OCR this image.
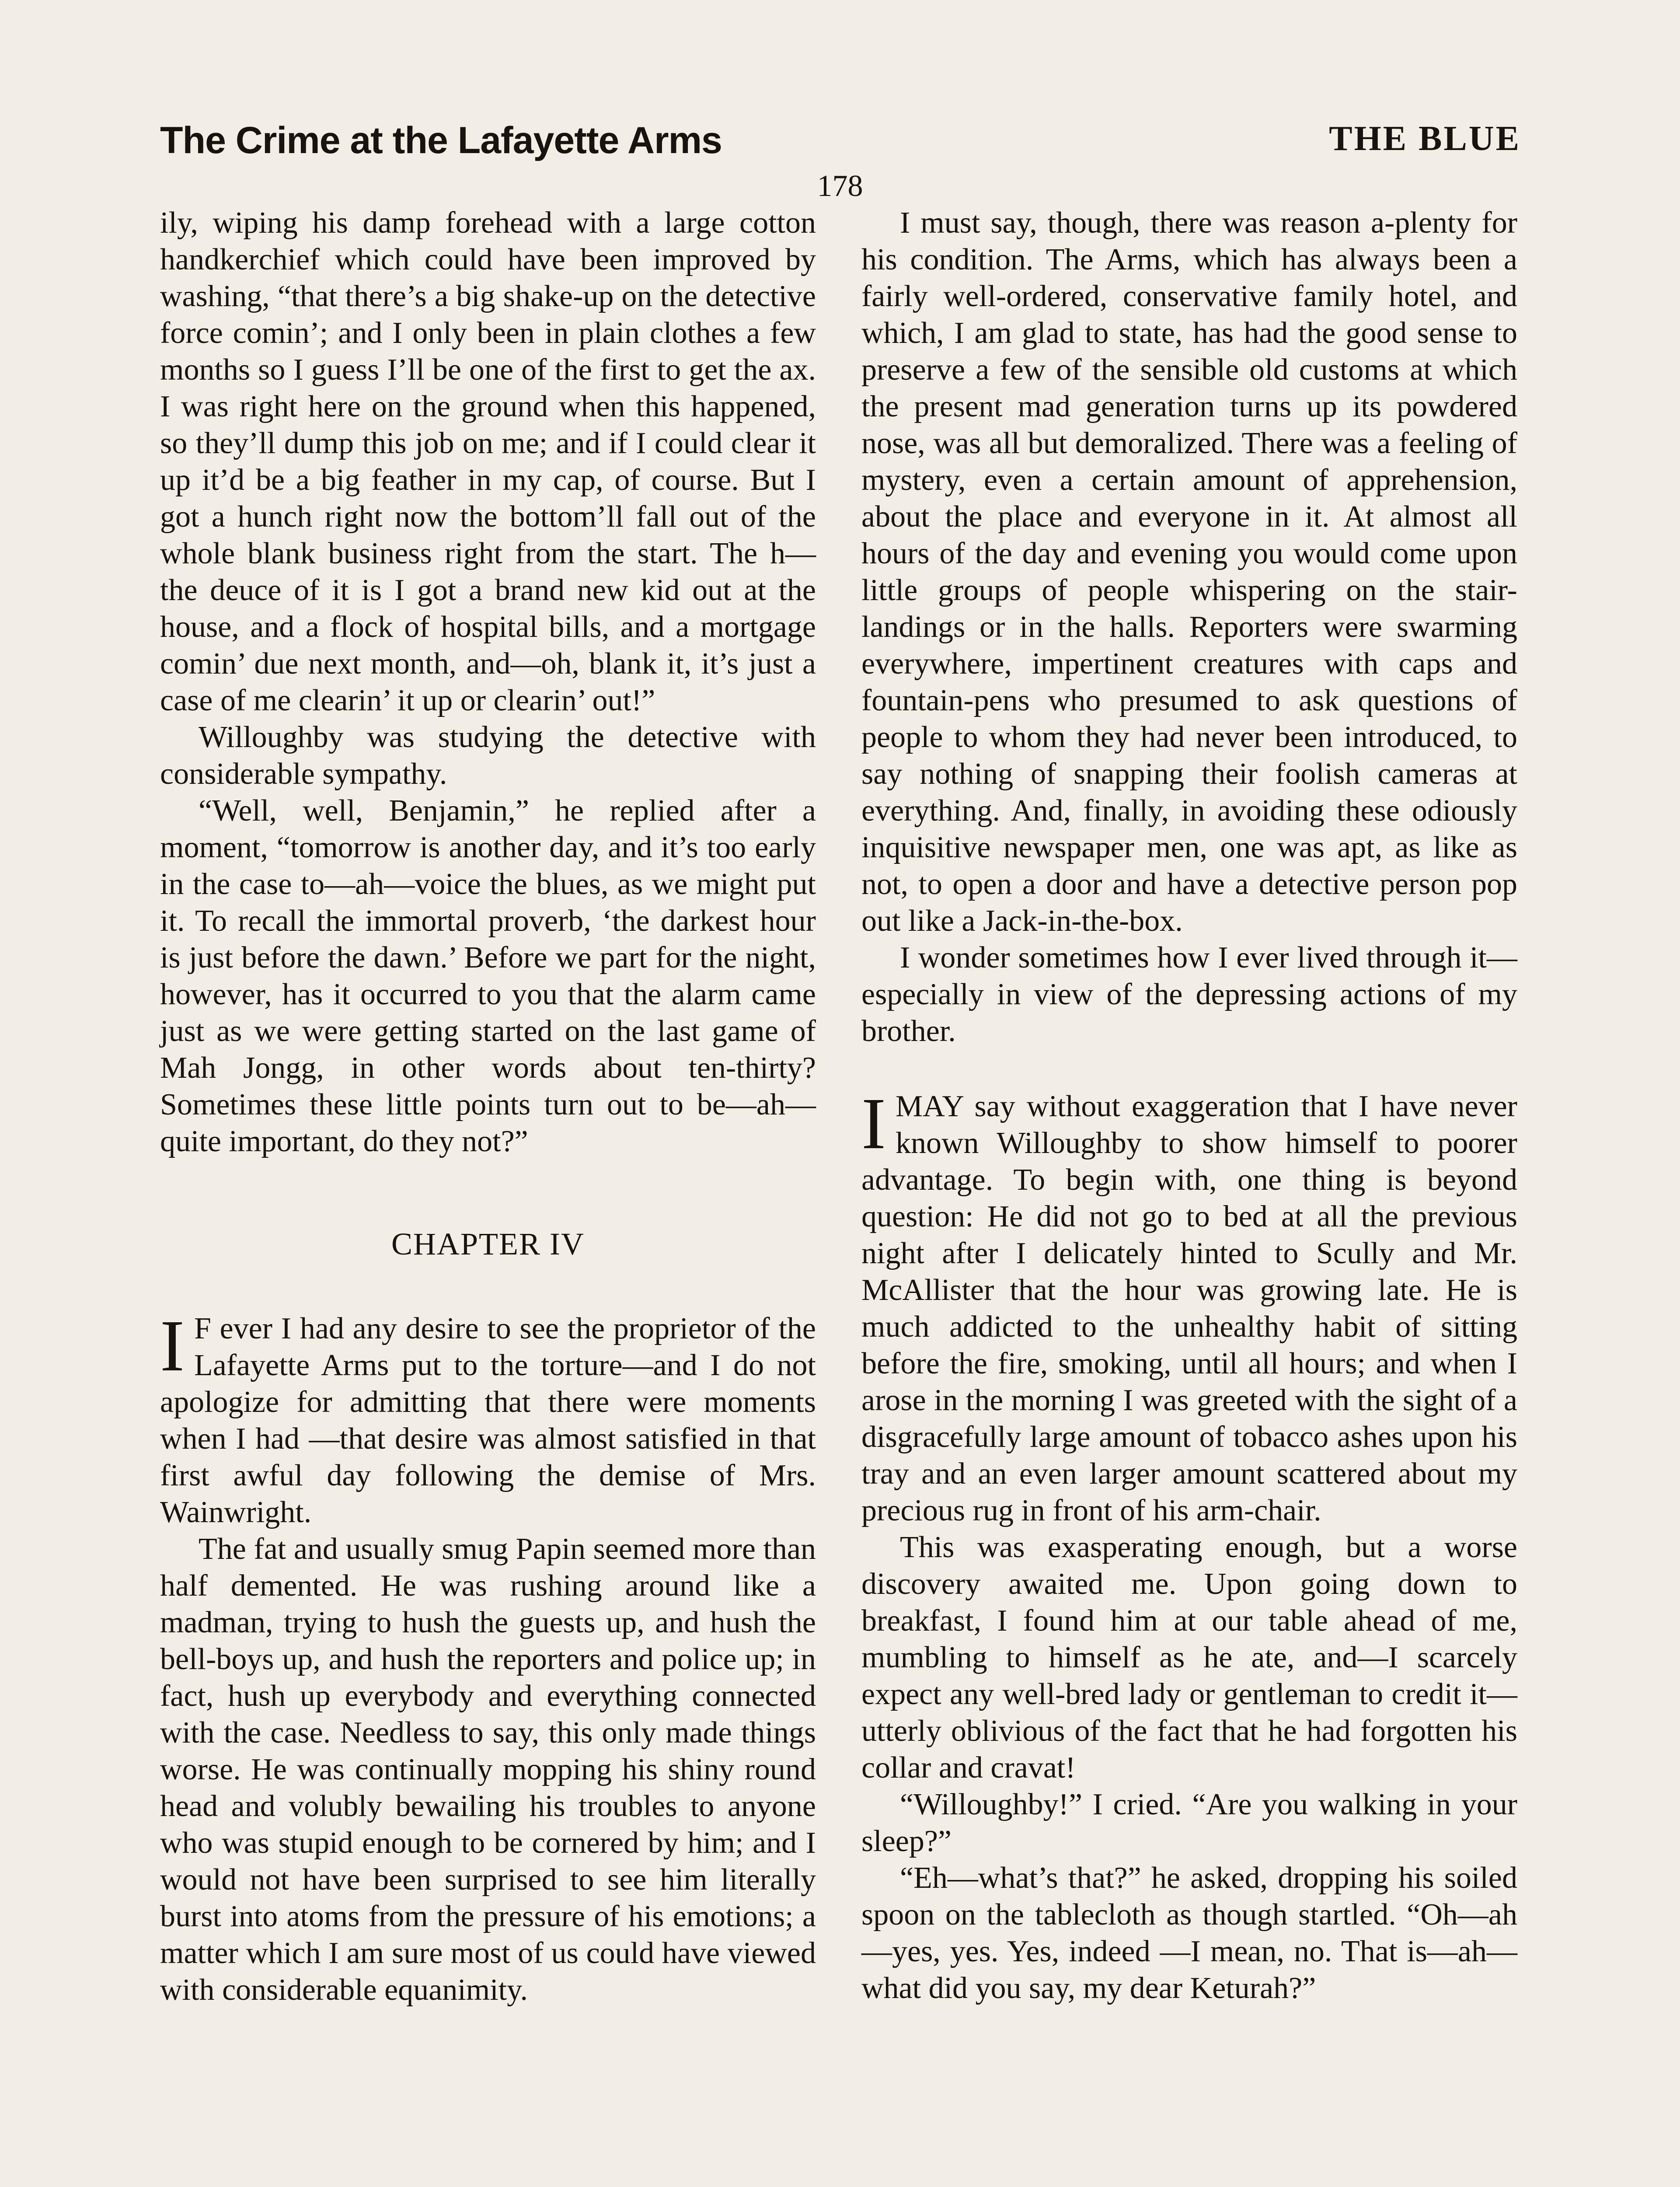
The Crime at the Lafayette Arms	THE BLUE
178

ily, wiping his damp forehead with a large cotton handkerchief which could have been improved by washing, “that there’s a big shake-up on the detective force comin’; and I only been in plain clothes a few months so I guess I’ll be one of the first to get the ax. I was right here on the ground when this happened, so they’ll dump this job on me; and if I could clear it up it’d be a big feather in my cap, of course. But I got a hunch right now the bottom’ll fall out of the whole blank business right from the start. The h— the deuce of it is I got a brand new kid out at the house, and a flock of hospital bills, and a mortgage comin’ due next month, and—oh, blank it, it’s just a case of me clearin’ it up or clearin’ out!”

Willoughby was studying the detective with considerable sympathy.

“Well, well, Benjamin,” he replied after a moment, “tomorrow is another day, and it’s too early in the case to—ah—voice the blues, as we might put it. To recall the immortal proverb, ‘the darkest hour is just before the dawn.’ Before we part for the night, however, has it occurred to you that the alarm came just as we were getting started on the last game of Mah Jongg, in other words about ten-thirty? Sometimes these little points turn out to be—ah—quite important, do they not?”

CHAPTER IV
I F ever I had any desire to see the proprietor of the Lafayette Arms put to the torture—and I do not apologize for admitting that there were moments when I had —that desire was almost satisfied in that first awful day following the demise of Mrs. Wainwright.

The fat and usually smug Papin seemed more than half demented. He was rushing around like a madman, trying to hush the guests up, and hush the bell-boys up, and hush the reporters and police up; in fact, hush up everybody and everything connected with the case. Needless to say, this only made things worse. He was continually mopping his shiny round head and volubly bewailing his troubles to anyone who was stupid enough to be cornered by him; and I would not have been surprised to see him literally burst into atoms from the pressure of his emotions; a matter which I am sure most of us could have viewed with considerable equanimity.

I must say, though, there was reason a-plenty for his condition. The Arms, which has always been a fairly well-ordered, conservative family hotel, and which, I am glad to state, has had the good sense to preserve a few of the sensible old customs at which the present mad generation turns up its powdered nose, was all but demoralized. There was a feeling of mystery, even a certain amount of apprehension, about the place and everyone in it. At almost all hours of the day and evening you would come upon little groups of people whispering on the stair-landings or in the halls. Reporters were swarming everywhere, impertinent creatures with caps and fountain-pens who presumed to ask questions of people to whom they had never been introduced, to say nothing of snapping their foolish cameras at everything. And, finally, in avoiding these odiously inquisitive newspaper men, one was apt, as like as not, to open a door and have a detective person pop out like a Jack-in-the-box.

I wonder sometimes how I ever lived through it—especially in view of the depressing actions of my brother.

I MAY say without exaggeration that I have never known Willoughby to show himself to poorer advantage. To begin with, one thing is beyond question: He did not go to bed at all the previous night after I delicately hinted to Scully and Mr. McAllister that the hour was growing late. He is much addicted to the unhealthy habit of sitting before the fire, smoking, until all hours; and when I arose in the morning I was greeted with the sight of a disgracefully large amount of tobacco ashes upon his tray and an even larger amount scattered about my precious rug in front of his arm-chair.

This was exasperating enough, but a worse discovery awaited me. Upon going down to breakfast, I found him at our table ahead of me, mumbling to himself as he ate, and—I scarcely expect any well-bred lady or gentleman to credit it—utterly oblivious of the fact that he had forgotten his collar and cravat!

“Willoughby!” I cried. “Are you walking in your sleep?”

“Eh—what’s that?” he asked, dropping his soiled spoon on the tablecloth as though startled. “Oh—ah—yes, yes. Yes, indeed —I mean, no. That is—ah—what did you say, my dear Keturah?”
